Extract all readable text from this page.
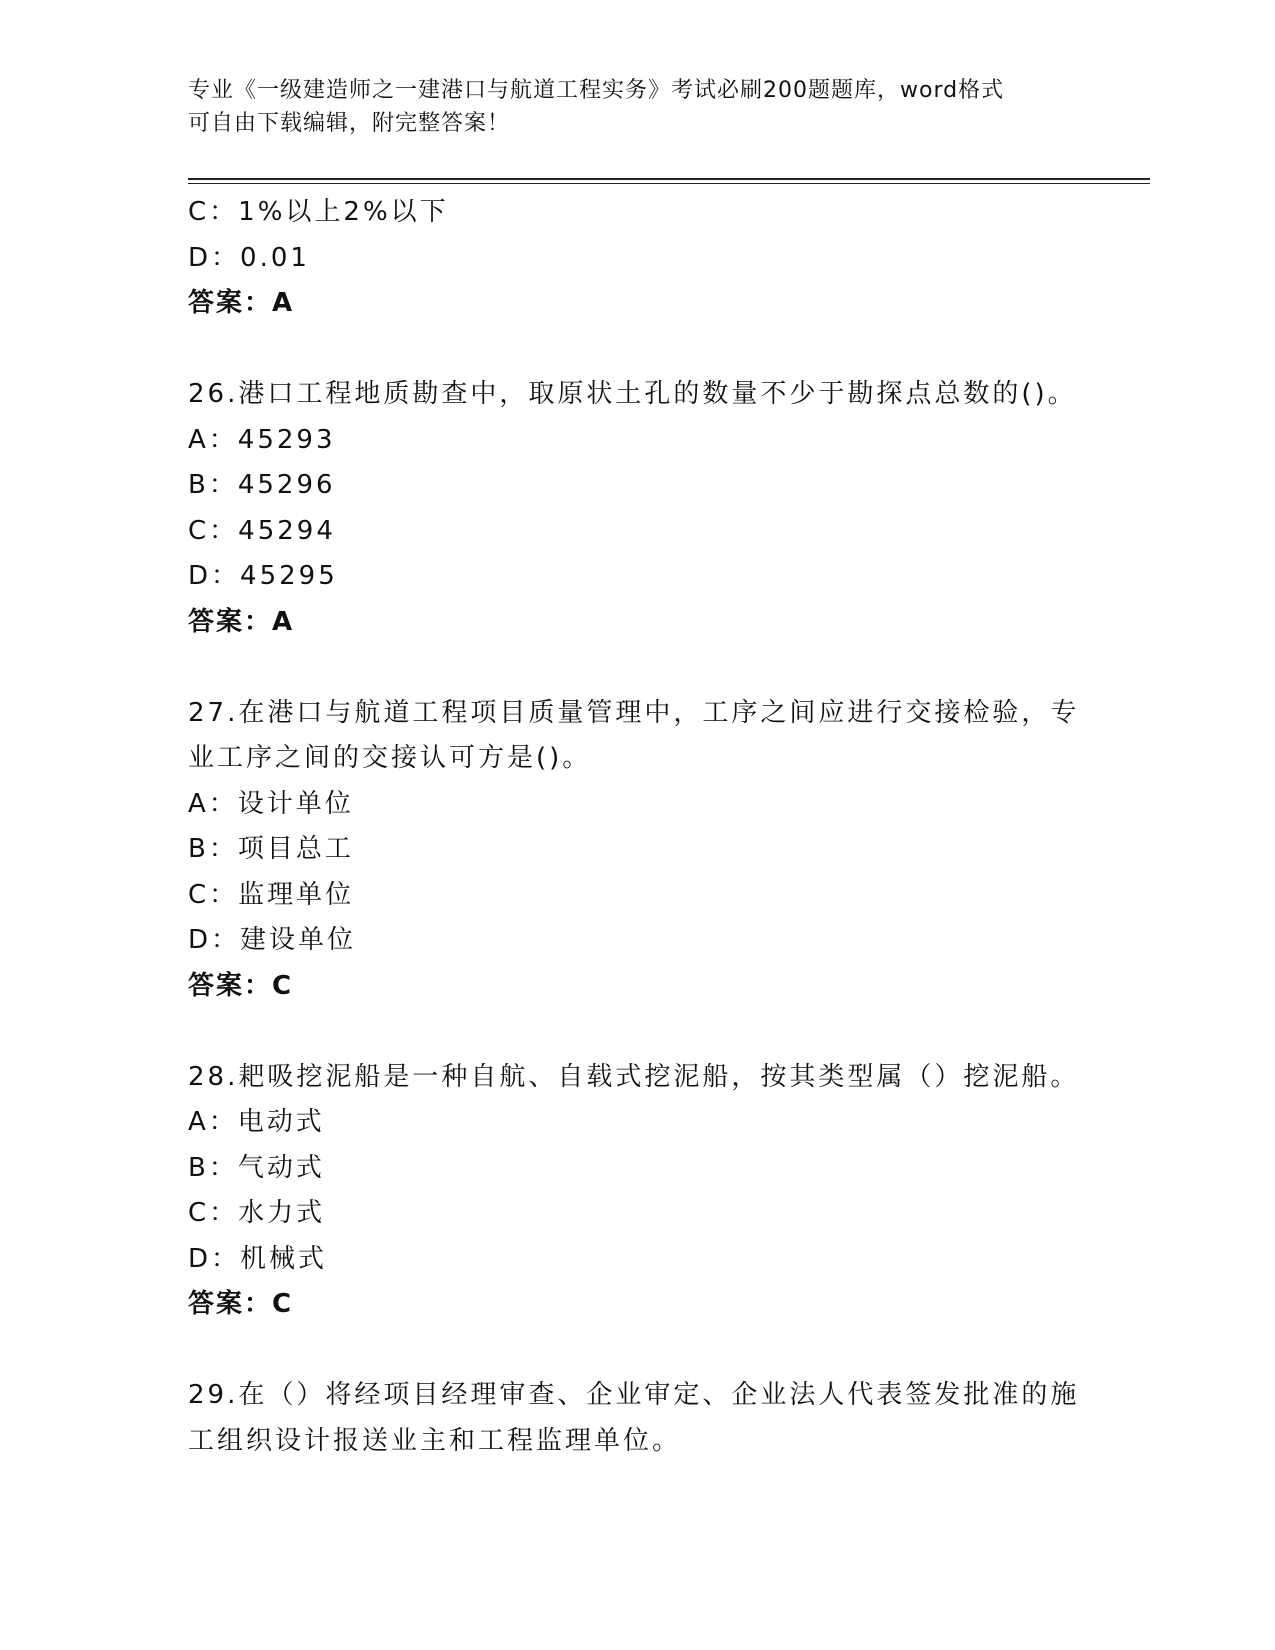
专业《一级建造师之一建港口与航道工程实务》考试必刷200题题库，word格式
可自由下载编辑，附完整答案！
C：1%以上2%以下
D：0.01
答案：A
26.港口工程地质勘查中，取原状土孔的数量不少于勘探点总数的()。
A：45293
B：45296
C：45294
D：45295
答案：A
27.在港口与航道工程项目质量管理中，工序之间应进行交接检验，专
业工序之间的交接认可方是()。
A：设计单位
B：项目总工
C：监理单位
D：建设单位
答案：C
28.耙吸挖泥船是一种自航、自载式挖泥船，按其类型属（）挖泥船。
A：电动式
B：气动式
C：水力式
D：机械式
答案：C
29.在（）将经项目经理审查、企业审定、企业法人代表签发批准的施
工组织设计报送业主和工程监理单位。
